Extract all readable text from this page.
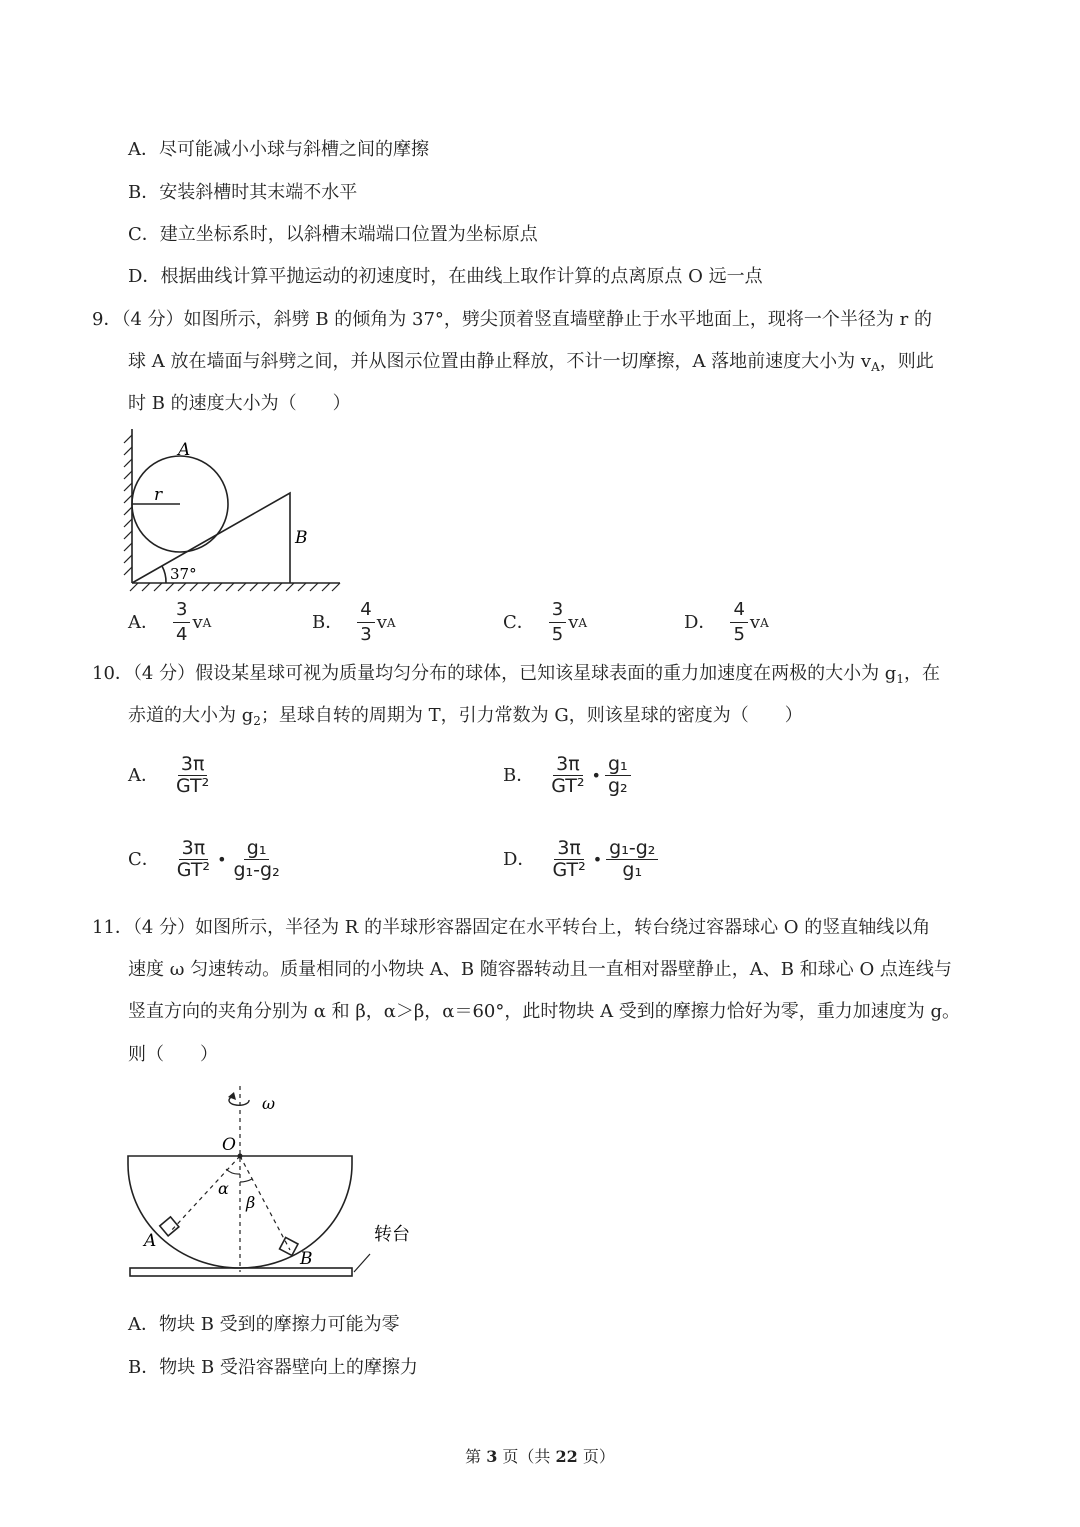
A．尽可能减小小球与斜槽之间的摩擦
B．安装斜槽时其末端不水平
C．建立坐标系时，以斜槽末端端口位置为坐标原点
D．根据曲线计算平抛运动的初速度时，在曲线上取作计算的点离原点 O 远一点
9．（4 分）如图所示，斜劈 B 的倾角为 37°，劈尖顶着竖直墙壁静止于水平地面上，现将一个半径为 r 的
球 A 放在墙面与斜劈之间，并从图示位置由静止释放，不计一切摩擦，A 落地前速度大小为 $v_A$，则此
时 B 的速度大小为（　　）
A
r
B
37°
A． $\frac{3}{4}$ v A	B． $\frac{4}{3}$ v A	C． $\frac{3}{5}$ v A	D． $\frac{4}{5}$ v A
10．（4 分）假设某星球可视为质量均匀分布的球体，已知该星球表面的重力加速度在两极的大小为 $g_1$，在
赤道的大小为 $g_2$；星球自转的周期为 T，引力常数为 G，则该星球的密度为（　　）
A． $\frac{3\pi}{\text{GT²}}$	B． $\frac{3\pi}{\text{GT²}}$ • $\frac{\text{g₁}}{\text{g₂}}$
C． $\frac{3\pi}{\text{GT²}}$ • $\frac{\text{g₁}}{\text{g₁-g₂}}$	D． $\frac{3\pi}{\text{GT²}}$ • $\frac{\text{g₁-g₂}}{\text{g₁}}$
11．（4 分）如图所示，半径为 R 的半球形容器固定在水平转台上，转台绕过容器球心 O 的竖直轴线以角
速度 ω 匀速转动。质量相同的小物块 A、B 随容器转动且一直相对器壁静止，A、B 和球心 O 点连线与
竖直方向的夹角分别为 α 和 β，α＞β，α＝60°，此时物块 A 受到的摩擦力恰好为零，重力加速度为 g。
则（　　）
ω
O
α
β
A
B
转台
A．物块 B 受到的摩擦力可能为零
B．物块 B 受沿容器壁向上的摩擦力
第 3 页（共 22 页）
